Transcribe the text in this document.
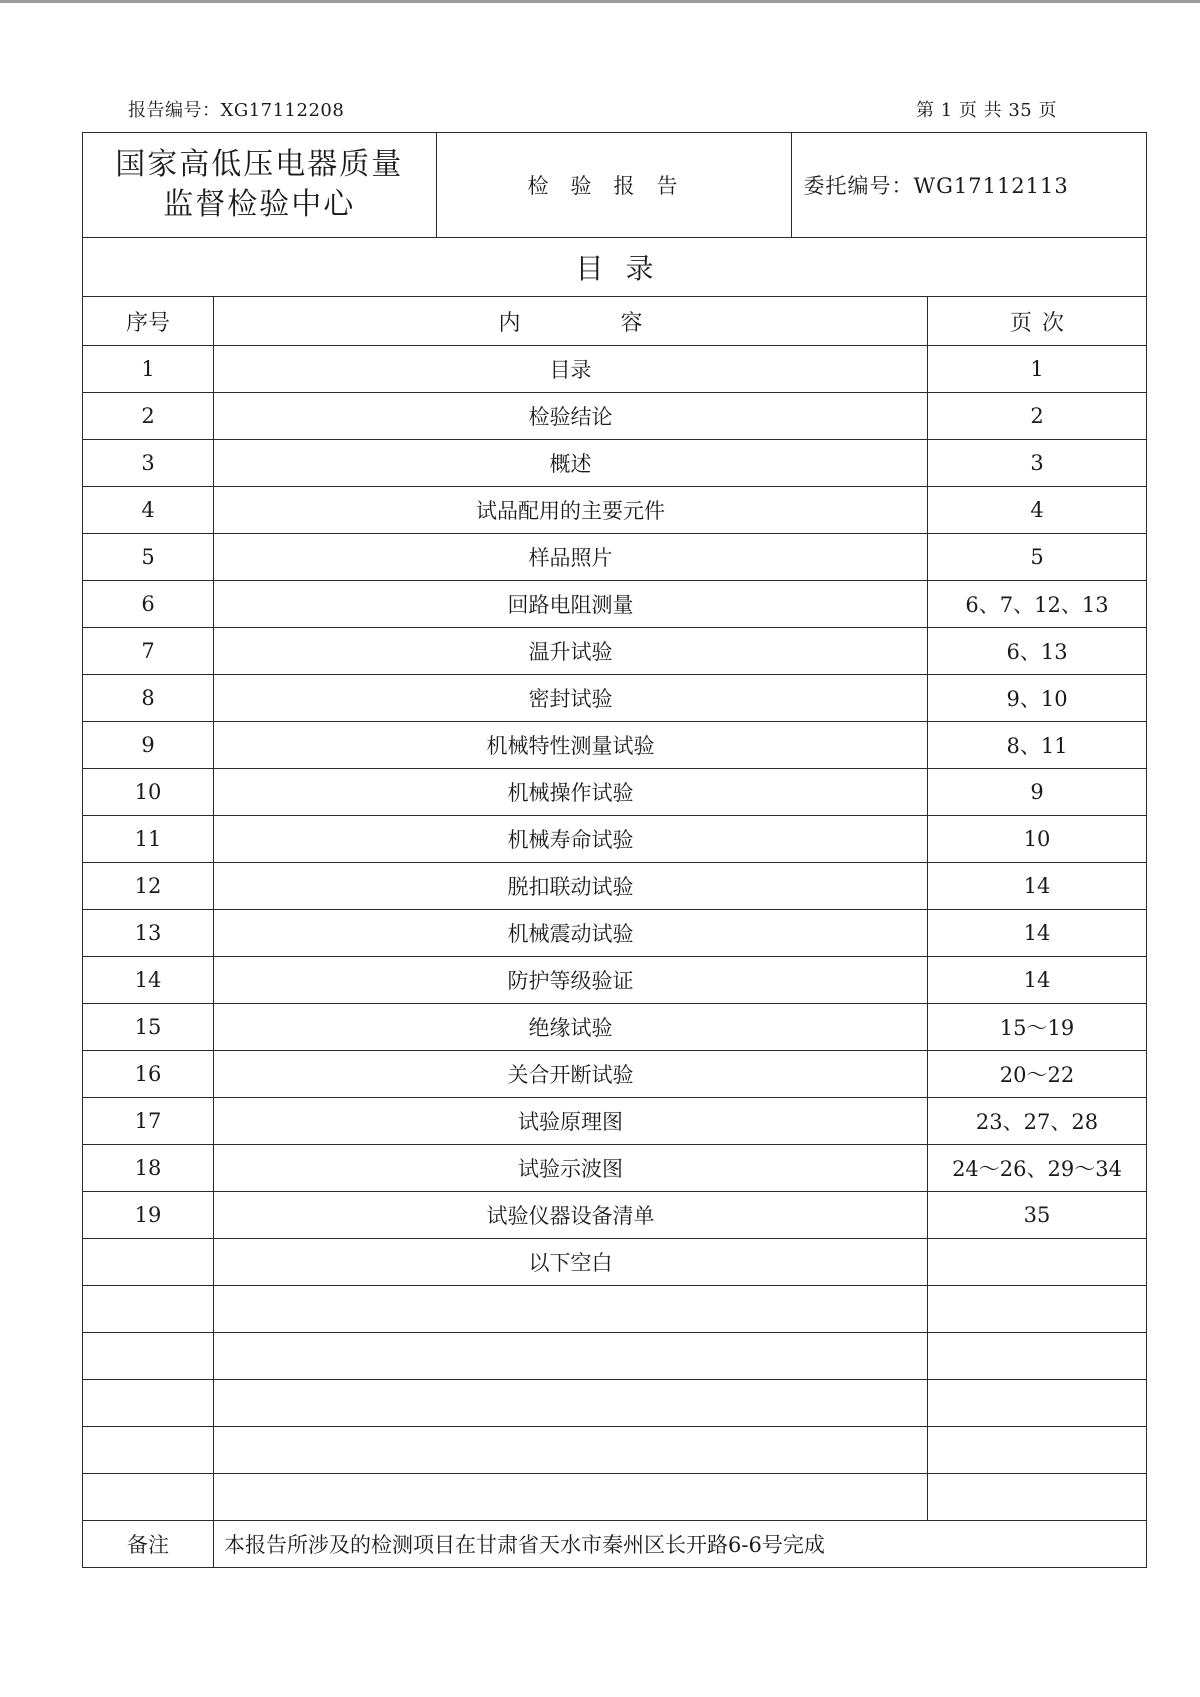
报告编号：XG17112208	第 1 页 共 35 页
国家高低压电器质量
监督检验中心
	检验报告	委托编号：WG17112113

目录
序号	内容	页次
1	目录	1
2	检验结论	2
3	概述	3
4	试品配用的主要元件	4
5	样品照片	5
6	回路电阻测量	6、7、12、13
7	温升试验	6、13
8	密封试验	9、10
9	机械特性测量试验	8、11
10	机械操作试验	9
11	机械寿命试验	10
12	脱扣联动试验	14
13	机械震动试验	14
14	防护等级验证	14
15	绝缘试验	15～19
16	关合开断试验	20～22
17	试验原理图	23、27、28
18	试验示波图	24～26、29～34
19	试验仪器设备清单	35
	以下空白	

备注	本报告所涉及的检测项目在甘肃省天水市秦州区长开路6-6号完成
